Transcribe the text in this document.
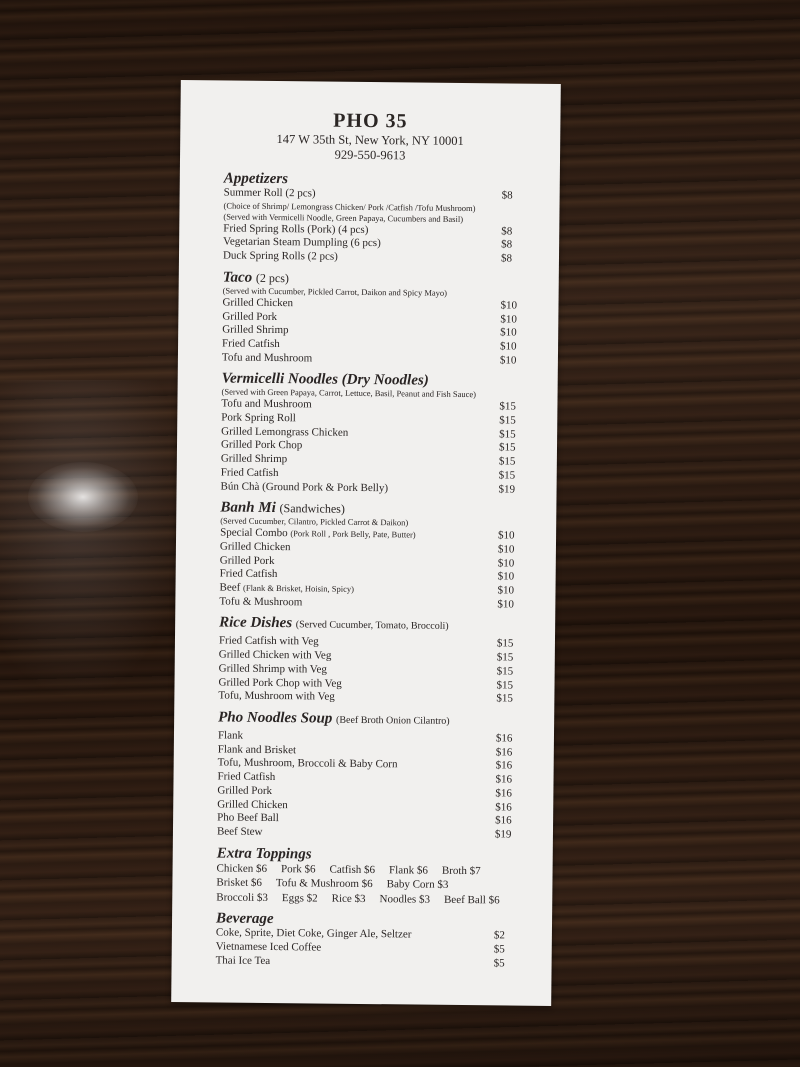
PHO 35
147 W 35th St, New York, NY 10001
929-550-9613
Appetizers
Summer Roll (2 pcs)	$8
(Choice of Shrimp/ Lemongrass Chicken/ Pork /Catfish /Tofu Mushroom)
(Served with Vermicelli Noodle, Green Papaya, Cucumbers and Basil)
Fried Spring Rolls (Pork) (4 pcs)	$8
Vegetarian Steam Dumpling (6 pcs)	$8
Duck Spring Rolls (2 pcs)	$8
Taco (2 pcs)
(Served with Cucumber, Pickled Carrot, Daikon and Spicy Mayo)
Grilled Chicken	$10
Grilled Pork	$10
Grilled Shrimp	$10
Fried Catfish	$10
Tofu and Mushroom	$10
Vermicelli Noodles (Dry Noodles)
(Served with Green Papaya, Carrot, Lettuce, Basil, Peanut and Fish Sauce)
Tofu and Mushroom	$15
Pork Spring Roll	$15
Grilled Lemongrass Chicken	$15
Grilled Pork Chop	$15
Grilled Shrimp	$15
Fried Catfish	$15
Bún Chà (Ground Pork & Pork Belly)	$19
Banh Mi (Sandwiches)
(Served Cucumber, Cilantro, Pickled Carrot & Daikon)
Special Combo (Pork Roll , Pork Belly, Pate, Butter)	$10
Grilled Chicken	$10
Grilled Pork	$10
Fried Catfish	$10
Beef (Flank & Brisket, Hoisin, Spicy)	$10
Tofu & Mushroom	$10
Rice Dishes (Served Cucumber, Tomato, Broccoli)
Fried Catfish with Veg	$15
Grilled Chicken with Veg	$15
Grilled Shrimp with Veg	$15
Grilled Pork Chop with Veg	$15
Tofu, Mushroom with Veg	$15
Pho Noodles Soup (Beef Broth Onion Cilantro)
Flank	$16
Flank and Brisket	$16
Tofu, Mushroom, Broccoli & Baby Corn	$16
Fried Catfish	$16
Grilled Pork	$16
Grilled Chicken	$16
Pho Beef Ball	$16
Beef Stew	$19
Extra Toppings
Chicken $6 Pork $6 Catfish $6 Flank $6 Broth $7
Brisket $6 Tofu & Mushroom $6 Baby Corn $3
Broccoli $3 Eggs $2 Rice $3 Noodles $3 Beef Ball $6
Beverage
Coke, Sprite, Diet Coke, Ginger Ale, Seltzer	$2
Vietnamese Iced Coffee	$5
Thai Ice Tea	$5
